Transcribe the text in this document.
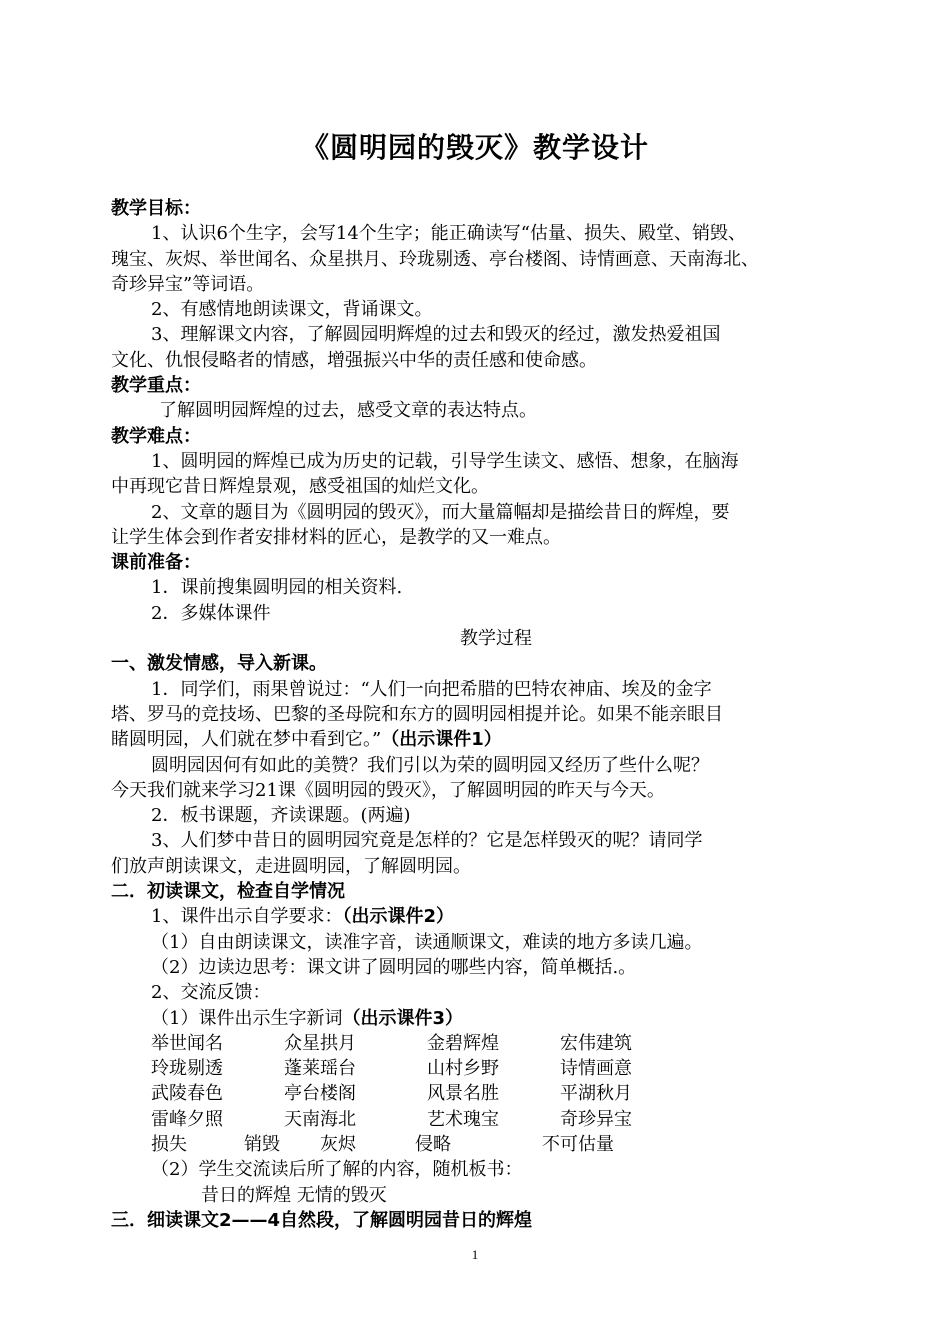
《圆明园的毁灭》教学设计

教学目标：

1、认识6个生字，会写14个生字；能正确读写“估量、损失、殿堂、销毁、

瑰宝、灰烬、举世闻名、众星拱月、玲珑剔透、亭台楼阁、诗情画意、天南海北、

奇珍异宝”等词语。

2、有感情地朗读课文，背诵课文。

3、理解课文内容，了解圆园明辉煌的过去和毁灭的经过，激发热爱祖国

文化、仇恨侵略者的情感，增强振兴中华的责任感和使命感。

教学重点：

了解圆明园辉煌的过去，感受文章的表达特点。

教学难点：

1、圆明园的辉煌已成为历史的记载，引导学生读文、感悟、想象，在脑海

中再现它昔日辉煌景观，感受祖国的灿烂文化。

2、文章的题目为《圆明园的毁灭》，而大量篇幅却是描绘昔日的辉煌，要

让学生体会到作者安排材料的匠心，是教学的又一难点。

课前准备：

1．课前搜集圆明园的相关资料.

2．多媒体课件

教学过程

一、激发情感，导入新课。

1．同学们，雨果曾说过：“人们一向把希腊的巴特农神庙、埃及的金字

塔、罗马的竞技场、巴黎的圣母院和东方的圆明园相提并论。如果不能亲眼目

睹圆明园，人们就在梦中看到它。”（出示课件1）

圆明园因何有如此的美赞？我们引以为荣的圆明园又经历了些什么呢？

今天我们就来学习21课《圆明园的毁灭》，了解圆明园的昨天与今天。

2．板书课题，齐读课题。(两遍)

3、人们梦中昔日的圆明园究竟是怎样的？它是怎样毁灭的呢？请同学

们放声朗读课文，走进圆明园，了解圆明园。

二．初读课文，检查自学情况

1、课件出示自学要求：（出示课件2）

（1）自由朗读课文，读准字音，读通顺课文，难读的地方多读几遍。

（2）边读边思考：课文讲了圆明园的哪些内容，简单概括.。

2、交流反馈：

（1）课件出示生字新词（出示课件3）

举世闻名	众星拱月	金碧辉煌	宏伟建筑
玲珑剔透	蓬莱瑶台	山村乡野	诗情画意
武陵春色	亭台楼阁	风景名胜	平湖秋月
雷峰夕照	天南海北	艺术瑰宝	奇珍异宝
损失	销毁	灰烬	侵略	不可估量

（2）学生交流读后所了解的内容，随机板书：

昔日的辉煌 无情的毁灭

三．细读课文2——4自然段，了解圆明园昔日的辉煌

1
